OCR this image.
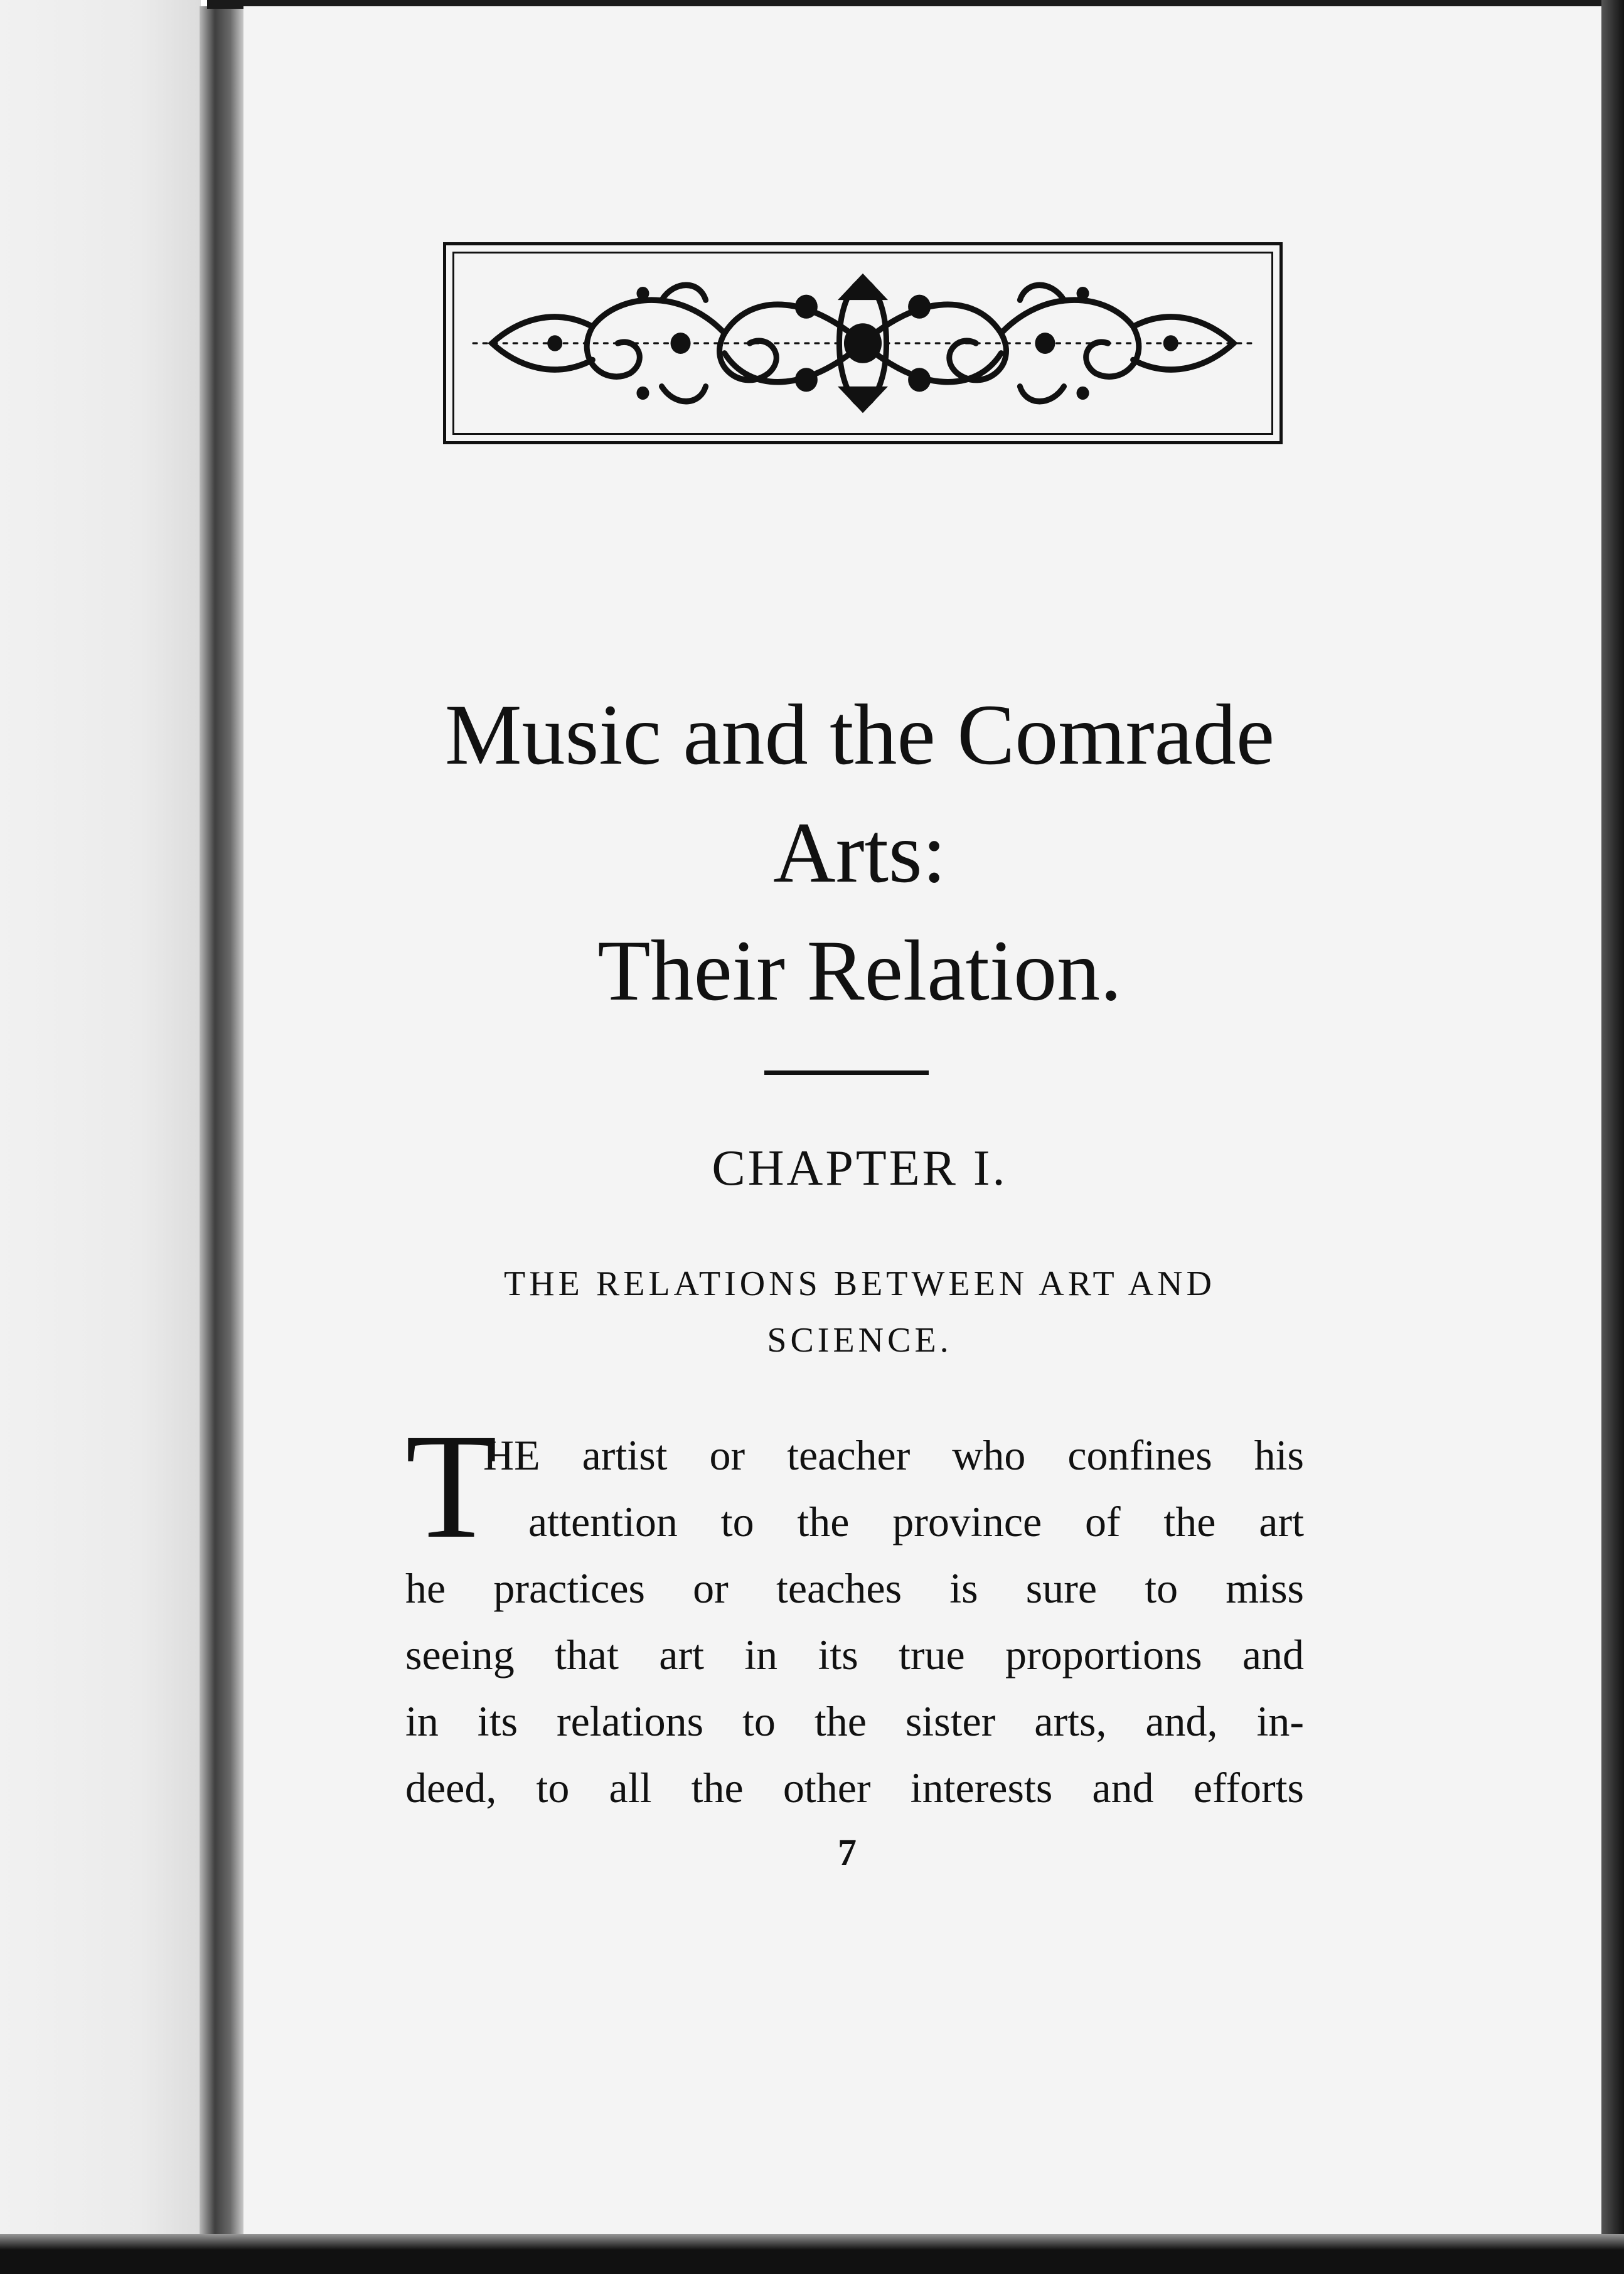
Music and the Comrade
Arts:
Their Relation.
CHAPTER I.
THE RELATIONS BETWEEN ART AND
SCIENCE.
T
HE artist or teacher who confines his
attention to the province of the art
he practices or teaches is sure to miss
seeing that art in its true proportions and
in its relations to the sister arts, and, in-
deed, to all the other interests and efforts
7
